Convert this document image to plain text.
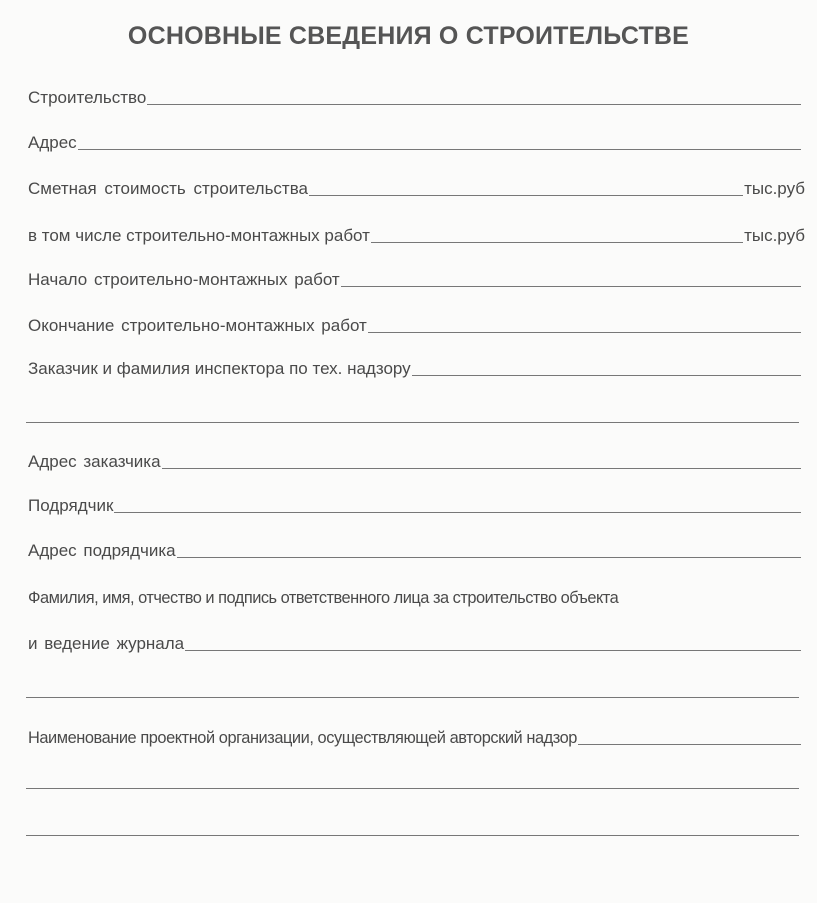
ОСНОВНЫЕ СВЕДЕНИЯ О СТРОИТЕЛЬСТВЕ
Строительство
Адрес
Сметная стоимость строительства	тыс.руб
в том числе строительно-монтажных работ	тыс.руб
Начало строительно-монтажных работ
Окончание строительно-монтажных работ
Заказчик и фамилия инспектора по тех. надзору
Адрес заказчика
Подрядчик
Адрес подрядчика
Фамилия, имя, отчество и подпись ответственного лица за строительство объекта
и ведение журнала
Наименование проектной организации, осуществляющей авторский надзор
